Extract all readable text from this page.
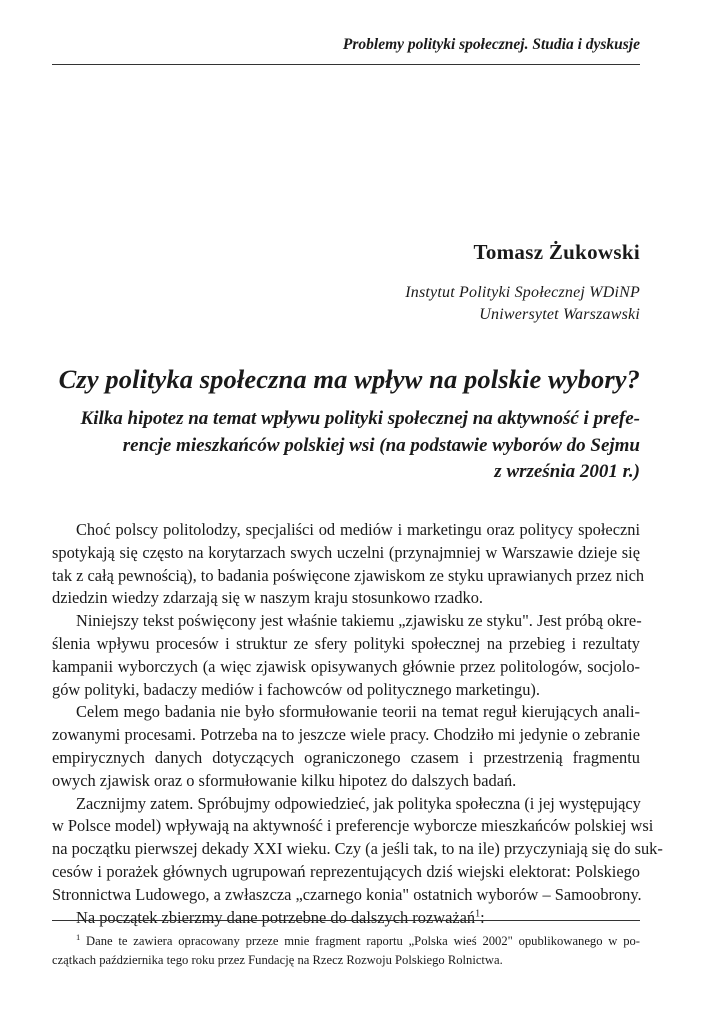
Problemy polityki społecznej. Studia i dyskusje
Tomasz Żukowski
Instytut Polityki Społecznej WDiNP
Uniwersytet Warszawski
Czy polityka społeczna ma wpływ na polskie wybory?
Kilka hipotez na temat wpływu polityki społecznej na aktywność i prefe-
rencje mieszkańców polskiej wsi (na podstawie wyborów do Sejmu
z września 2001 r.)

Choć polscy politolodzy, specjaliści od mediów i marketingu oraz politycy społeczni
spotykają się często na korytarzach swych uczelni (przynajmniej w Warszawie dzieje się
tak z całą pewnością), to badania poświęcone zjawiskom ze styku uprawianych przez nich
dziedzin wiedzy zdarzają się w naszym kraju stosunkowo rzadko.

Niniejszy tekst poświęcony jest właśnie takiemu „zjawisku ze styku". Jest próbą okre-
ślenia wpływu procesów i struktur ze sfery polityki społecznej na przebieg i rezultaty
kampanii wyborczych (a więc zjawisk opisywanych głównie przez politologów, socjolo-
gów polityki, badaczy mediów i fachowców od politycznego marketingu).

Celem mego badania nie było sformułowanie teorii na temat reguł kierujących anali-
zowanymi procesami. Potrzeba na to jeszcze wiele pracy. Chodziło mi jedynie o zebranie
empirycznych danych dotyczących ograniczonego czasem i przestrzenią fragmentu
owych zjawisk oraz o sformułowanie kilku hipotez do dalszych badań.

Zacznijmy zatem. Spróbujmy odpowiedzieć, jak polityka społeczna (i jej występujący
w Polsce model) wpływają na aktywność i preferencje wyborcze mieszkańców polskiej wsi
na początku pierwszej dekady XXI wieku. Czy (a jeśli tak, to na ile) przyczyniają się do suk-
cesów i porażek głównych ugrupowań reprezentujących dziś wiejski elektorat: Polskiego
Stronnictwa Ludowego, a zwłaszcza „czarnego konia" ostatnich wyborów – Samoobrony.

Na początek zbierzmy dane potrzebne do dalszych rozważań$^1$:

$^1$ Dane te zawiera opracowany przeze mnie fragment raportu „Polska wieś 2002" opublikowanego w po-
czątkach października tego roku przez Fundację na Rzecz Rozwoju Polskiego Rolnictwa.
